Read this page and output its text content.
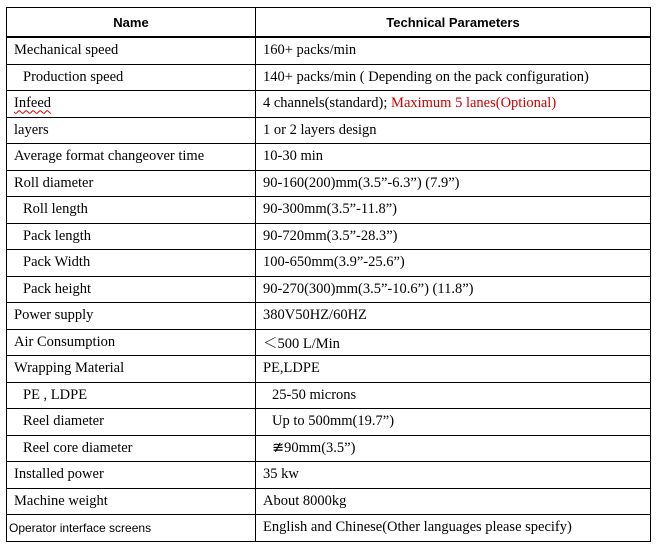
Name	Technical Parameters
Mechanical speed	160+ packs/min
Production speed	140+ packs/min ( Depending on the pack configuration)
Infeed	4 channels(standard); Maximum 5 lanes(Optional)
layers	1 or 2 layers design
Average format changeover time	10-30 min
Roll diameter	90-160(200)mm(3.5”-6.3”) (7.9”)
Roll length	90-300mm(3.5”-11.8”)
Pack length	90-720mm(3.5”-28.3”)
Pack Width	100-650mm(3.9”-25.6”)
Pack height	90-270(300)mm(3.5”-10.6”) (11.8”)
Power supply	380V50HZ/60HZ
Air Consumption	＜500 L/Min
Wrapping Material	PE,LDPE
PE , LDPE	25-50 microns
Reel diameter	Up to 500mm(19.7”)
Reel core diameter	≇90mm(3.5”)
Installed power	35 kw
Machine weight	About 8000kg
Operator interface screens	English and Chinese(Other languages please specify)
